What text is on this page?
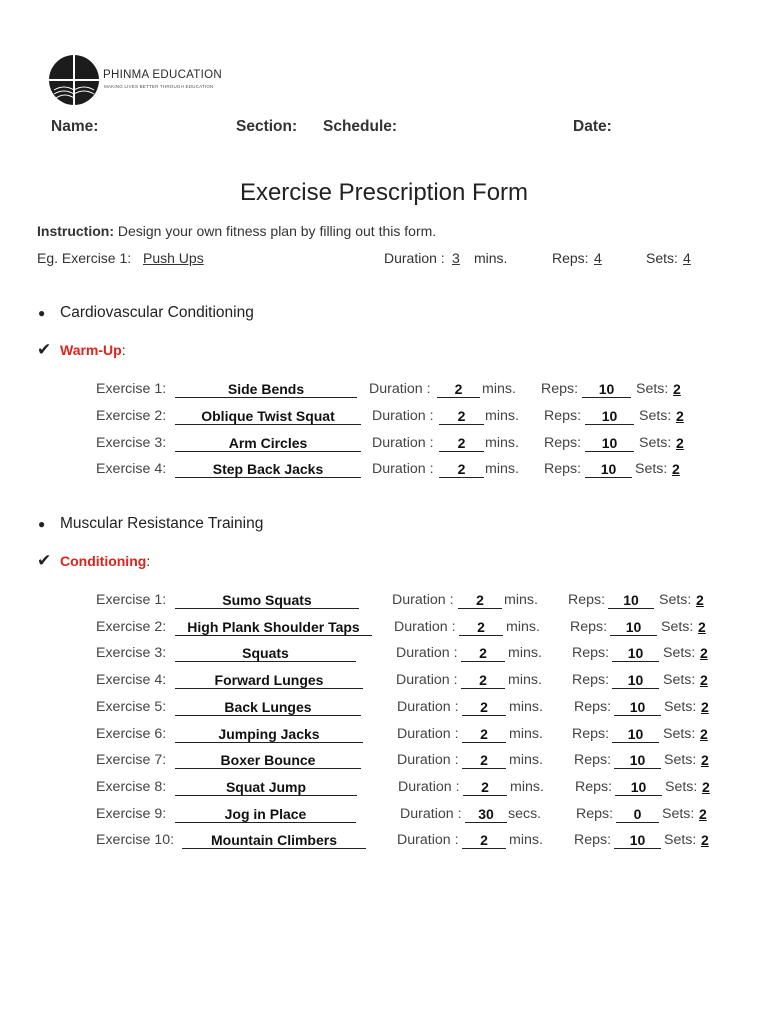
PHINMA EDUCATION
MAKING LIVES BETTER THROUGH EDUCATION
Name:	Section: Schedule:	Date:
Exercise Prescription Form
Instruction: Design your own fitness plan by filling out this form.
Eg. Exercise 1: Push Ups	Duration : 3 mins.	Reps: 4	Sets: 4
● Cardiovascular Conditioning
✔ Warm-Up:
Exercise 1:	Side Bends	Duration :	2	mins. Reps:	10	Sets: 2
Exercise 2:	Oblique Twist Squat	Duration :	2	mins. Reps:	10	Sets: 2
Exercise 3:	Arm Circles	Duration :	2	mins. Reps:	10	Sets: 2
Exercise 4:	Step Back Jacks	Duration :	2	mins. Reps:	10	Sets: 2
● Muscular Resistance Training
✔ Conditioning:
Exercise 1:	Sumo Squats	Duration :	2	mins. Reps:	10	Sets: 2
Exercise 2:	High Plank Shoulder Taps	Duration :	2	mins. Reps:	10	Sets: 2
Exercise 3:	Squats	Duration :	2	mins. Reps:	10	Sets: 2
Exercise 4:	Forward Lunges	Duration :	2	mins. Reps:	10	Sets: 2
Exercise 5:	Back Lunges	Duration :	2	mins. Reps:	10	Sets: 2
Exercise 6:	Jumping Jacks	Duration :	2	mins. Reps:	10	Sets: 2
Exercise 7:	Boxer Bounce	Duration :	2	mins. Reps:	10	Sets: 2
Exercise 8:	Squat Jump	Duration :	2	mins. Reps:	10	Sets: 2
Exercise 9:	Jog in Place	Duration :	30	secs. Reps:	0	Sets: 2
Exercise 10:	Mountain Climbers	Duration :	2	mins. Reps:	10	Sets: 2
